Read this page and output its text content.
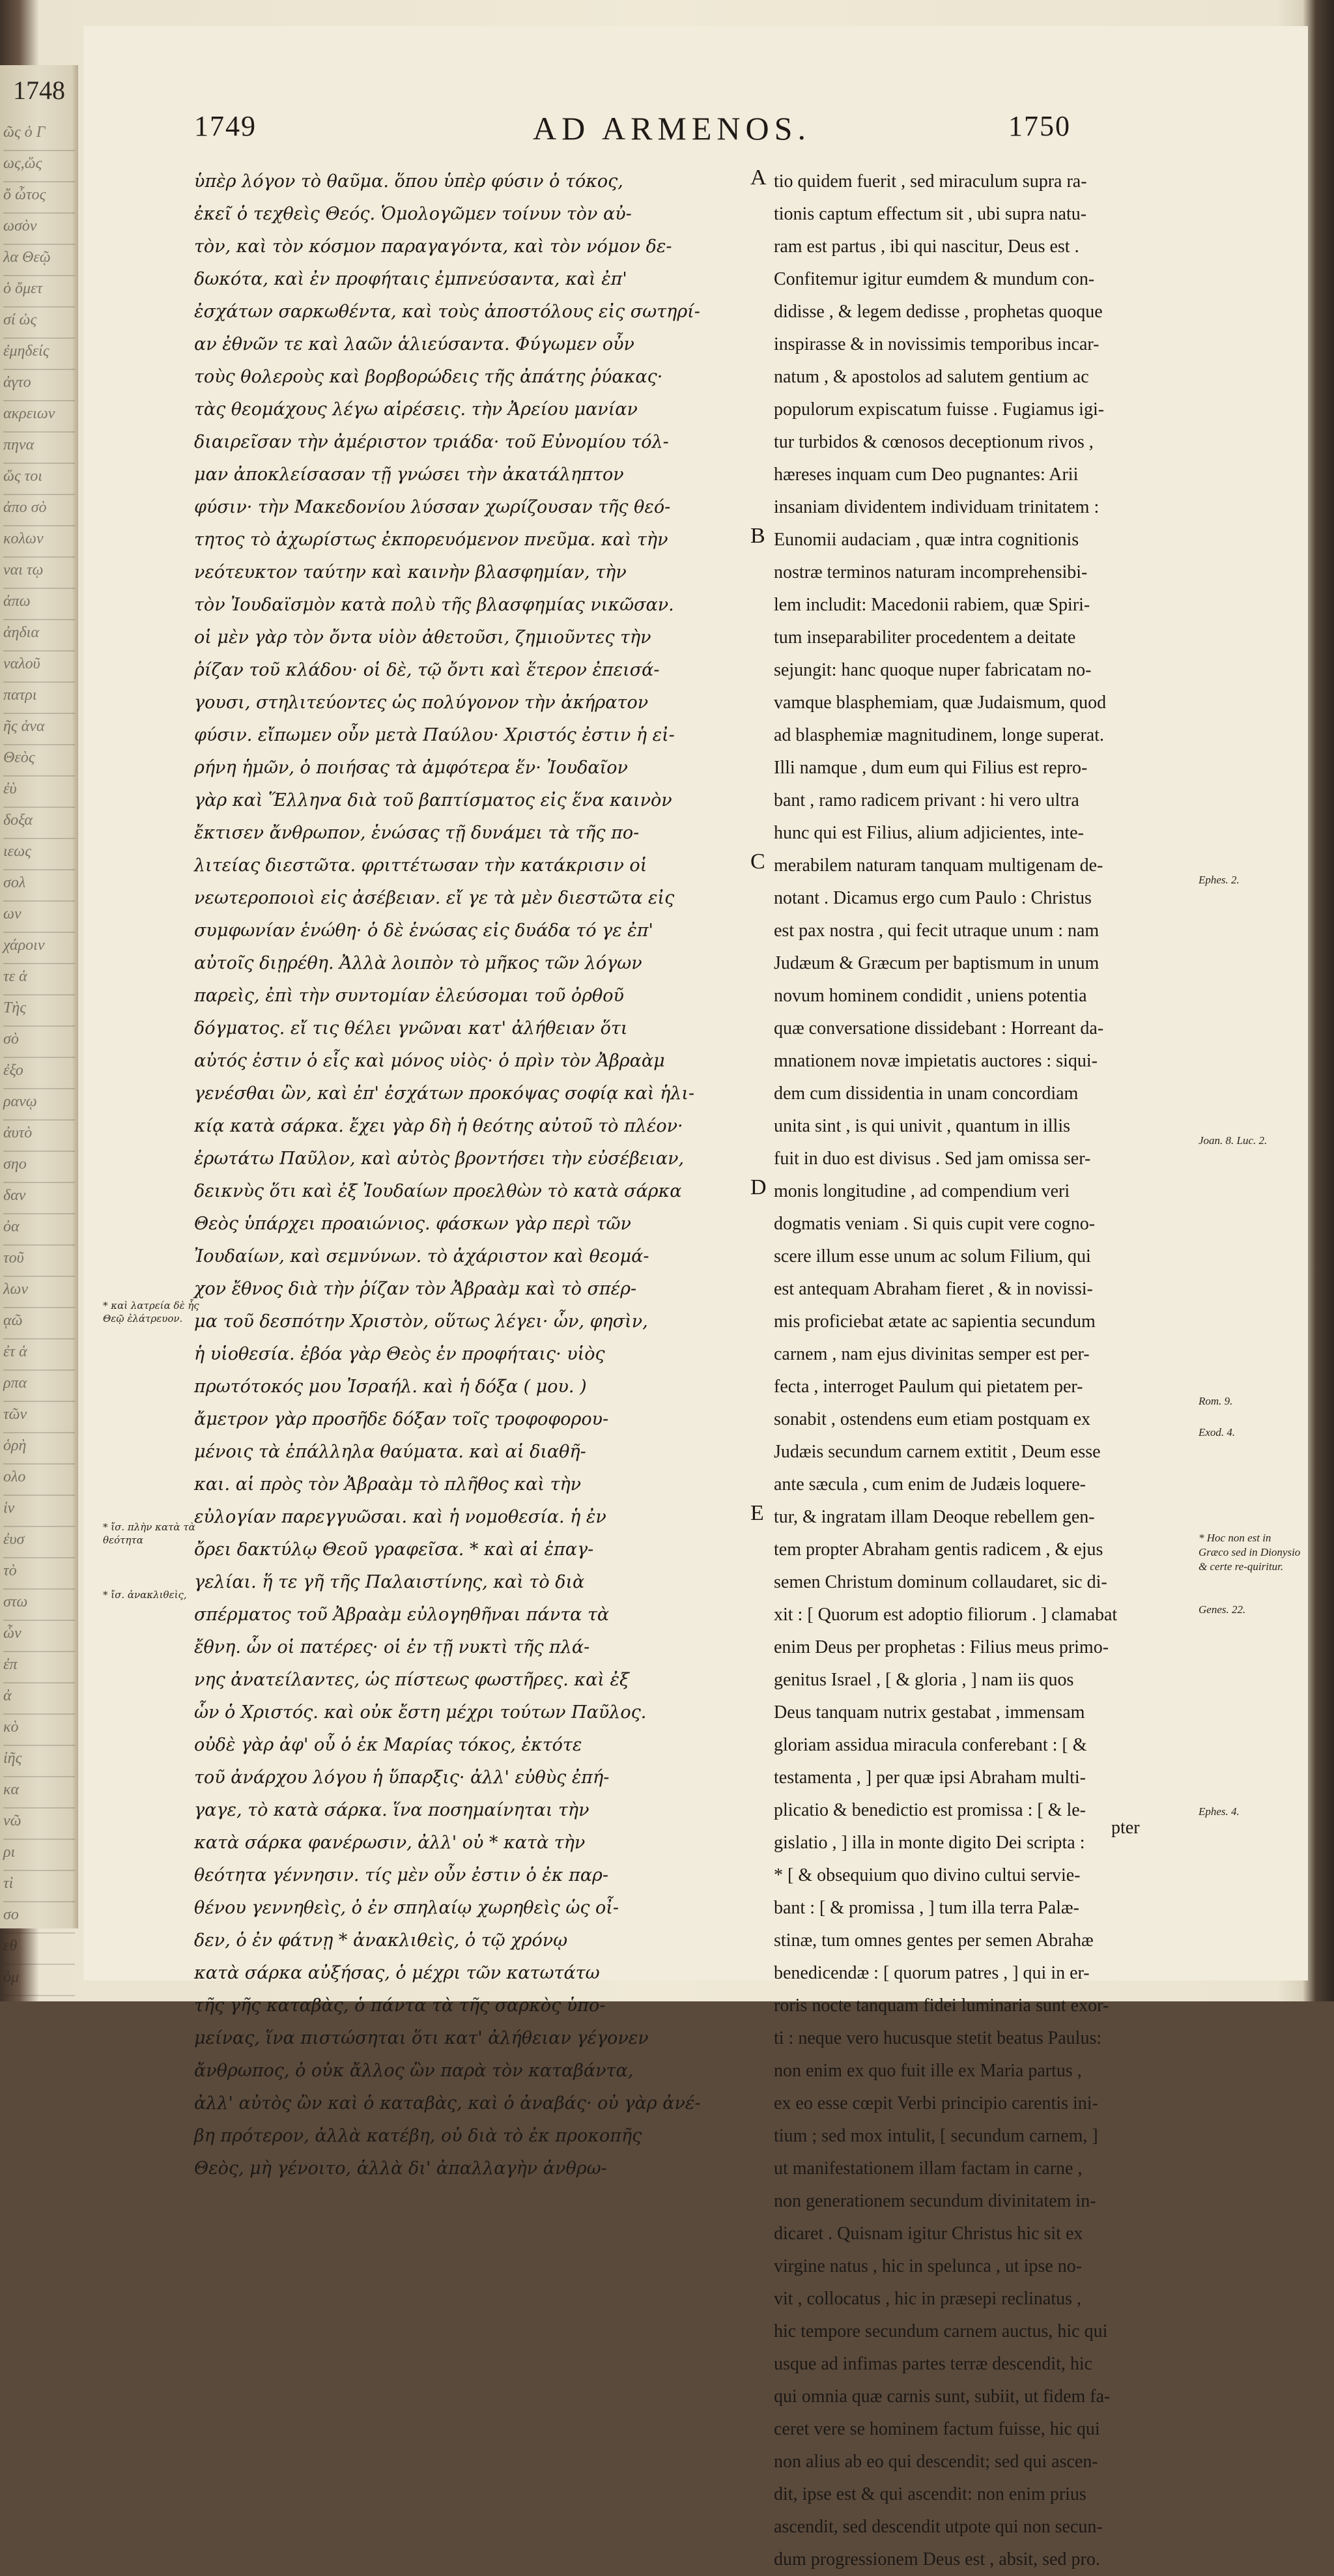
1748
ῶς ὁ Γ
ως,ὥς
ὄ ὦτος
ωσὸν
λα Θεῷ
ὁ ὄμετ
σί ὡς
ἐμηδείς
ἀγτο
ακρειων
πηνα
ὥς τοι
ἀπο σὸ
κολων
ναι τῳ
ἀπω
ἀηδια
ναλοῦ
πατρι
ῆς ἁνα
Θεὸς
ἐὺ
δοξα
ιεως
σολ
ων
χάροιν
τε ἁ
Τὴς
σὸ
ἐξο
ρανῳ
ἀυτὸ
σηο
δαν
ὀα
τοῦ
λων
ᾳῶ
ἐτ ἁ
ρπα
τῶν
ὁρὴ
ολο
ἱν
ἐυσ
τὸ
στω
ὧν
ἐπ
ἀ
κὸ
ἱῆς
κα
νῶ
ρι
τὶ
σο
εθ
ὁμ
1749	AD ARMENOS.	1750

ὑπὲρ λόγον τὸ θαῦμα. ὅπου ὑπὲρ φύσιν ὁ τόκος,

ἐκεῖ ὁ τεχθεὶς Θεός. Ὁμολογῶμεν τοίνυν τὸν αὐ-

τὸν, καὶ τὸν κόσμον παραγαγόντα, καὶ τὸν νόμον δε-

δωκότα, καὶ ἐν προφήταις ἐμπνεύσαντα, καὶ ἐπ'

ἐσχάτων σαρκωθέντα, καὶ τοὺς ἀποστόλους εἰς σωτηρί-

αν ἐθνῶν τε καὶ λαῶν ἁλιεύσαντα. Φύγωμεν οὖν

τοὺς θολεροὺς καὶ βορβορώδεις τῆς ἀπάτης ῥύακας·

τὰς θεομάχους λέγω αἱρέσεις. τὴν Ἀρείου μανίαν

διαιρεῖσαν τὴν ἀμέριστον τριάδα· τοῦ Εὐνομίου τόλ-

μαν ἀποκλείσασαν τῇ γνώσει τὴν ἀκατάληπτον

φύσιν· τὴν Μακεδονίου λύσσαν χωρίζουσαν τῆς θεό-

τητος τὸ ἀχωρίστως ἐκπορευόμενον πνεῦμα. καὶ τὴν

νεότευκτον ταύτην καὶ καινὴν βλασφημίαν, τὴν

τὸν Ἰουδαϊσμὸν κατὰ πολὺ τῆς βλασφημίας νικῶσαν.

οἱ μὲν γὰρ τὸν ὄντα υἱὸν ἀθετοῦσι, ζημιοῦντες τὴν

ῥίζαν τοῦ κλάδου· οἱ δὲ, τῷ ὄντι καὶ ἕτερον ἐπεισά-

γουσι, στηλιτεύοντες ὡς πολύγονον τὴν ἀκήρατον

φύσιν. εἴπωμεν οὖν μετὰ Παύλου· Χριστός ἐστιν ἡ εἰ-

ρήνη ἡμῶν, ὁ ποιήσας τὰ ἀμφότερα ἕν· Ἰουδαῖον

γὰρ καὶ Ἕλληνα διὰ τοῦ βαπτίσματος εἰς ἕνα καινὸν

ἔκτισεν ἄνθρωπον, ἑνώσας τῇ δυνάμει τὰ τῆς πο-

λιτείας διεστῶτα. φριττέτωσαν τὴν κατάκρισιν οἱ

νεωτεροποιοὶ εἰς ἀσέβειαν. εἴ γε τὰ μὲν διεστῶτα εἰς

συμφωνίαν ἑνώθη· ὁ δὲ ἑνώσας εἰς δυάδα τό γε ἐπ'

αὐτοῖς διῃρέθη. Ἀλλὰ λοιπὸν τὸ μῆκος τῶν λόγων

παρεὶς, ἐπὶ τὴν συντομίαν ἐλεύσομαι τοῦ ὀρθοῦ

δόγματος. εἴ τις θέλει γνῶναι κατ' ἀλήθειαν ὅτι

αὐτός ἐστιν ὁ εἷς καὶ μόνος υἱὸς· ὁ πρὶν τὸν Ἀβραὰμ

γενέσθαι ὢν, καὶ ἐπ' ἐσχάτων προκόψας σοφίᾳ καὶ ἡλι-

κίᾳ κατὰ σάρκα. ἔχει γὰρ δὴ ἡ θεότης αὐτοῦ τὸ πλέον·

ἐρωτάτω Παῦλον, καὶ αὐτὸς βροντήσει τὴν εὐσέβειαν,

δεικνὺς ὅτι καὶ ἐξ Ἰουδαίων προελθὼν τὸ κατὰ σάρκα

Θεὸς ὑπάρχει προαιώνιος. φάσκων γὰρ περὶ τῶν

Ἰουδαίων, καὶ σεμνύνων. τὸ ἀχάριστον καὶ θεομά-

χον ἔθνος διὰ τὴν ῥίζαν τὸν Ἀβραὰμ καὶ τὸ σπέρ-

μα τοῦ δεσπότην Χριστὸν, οὕτως λέγει· ὧν, φησὶν,

ἡ υἱοθεσία. ἐβόα γὰρ Θεὸς ἐν προφήταις· υἱὸς

πρωτότοκός μου Ἰσραήλ. καὶ ἡ δόξα ( μου. )

ἄμετρον γὰρ προσῆδε δόξαν τοῖς τροφοφορου-

μένοις τὰ ἐπάλληλα θαύματα. καὶ αἱ διαθῆ-

και. αἱ πρὸς τὸν Ἀβραὰμ τὸ πλῆθος καὶ τὴν

εὐλογίαν παρεγγυῶσαι. καὶ ἡ νομοθεσία. ἡ ἐν

ὄρει δακτύλῳ Θεοῦ γραφεῖσα. * καὶ αἱ ἐπαγ-

γελίαι. ἥ τε γῆ τῆς Παλαιστίνης, καὶ τὸ διὰ

σπέρματος τοῦ Ἀβραὰμ εὐλογηθῆναι πάντα τὰ

ἔθνη. ὧν οἱ πατέρες· οἱ ἐν τῇ νυκτὶ τῆς πλά-

νης ἀνατείλαντες, ὡς πίστεως φωστῆρες. καὶ ἐξ

ὧν ὁ Χριστός. καὶ οὐκ ἔστη μέχρι τούτων Παῦλος.

οὐδὲ γὰρ ἀφ' οὗ ὁ ἐκ Μαρίας τόκος, ἐκτότε

τοῦ ἀνάρχου λόγου ἡ ὕπαρξις· ἀλλ' εὐθὺς ἐπή-

γαγε, τὸ κατὰ σάρκα. ἵνα ποσημαίνηται τὴν

κατὰ σάρκα φανέρωσιν, ἀλλ' οὐ * κατὰ τὴν

θεότητα γέννησιν. τίς μὲν οὖν ἐστιν ὁ ἐκ παρ-

θένου γεννηθεὶς, ὁ ἐν σπηλαίῳ χωρηθεὶς ὡς οἶ-

δεν, ὁ ἐν φάτνῃ * ἀνακλιθεὶς, ὁ τῷ χρόνῳ

κατὰ σάρκα αὐξήσας, ὁ μέχρι τῶν κατωτάτω

τῆς γῆς καταβὰς, ὁ πάντα τὰ τῆς σαρκὸς ὑπο-

μείνας, ἵνα πιστώσηται ὅτι κατ' ἀλήθειαν γέγονεν

ἄνθρωπος, ὁ οὐκ ἄλλος ὢν παρὰ τὸν καταβάντα,

ἀλλ' αὐτὸς ὢν καὶ ὁ καταβὰς, καὶ ὁ ἀναβάς· οὐ γὰρ ἀνέ-

βη πρότερον, ἀλλὰ κατέβη, οὐ διὰ τὸ ἐκ προκοπῆς

Θεὸς, μὴ γένοιτο, ἀλλὰ δι' ἀπαλλαγὴν ἀνθρω-

tio quidem fuerit , sed miraculum supra ra-

tionis captum effectum sit , ubi supra natu-

ram est partus , ibi qui nascitur, Deus est .

Confitemur igitur eumdem & mundum con-

didisse , & legem dedisse , prophetas quoque

inspirasse & in novissimis temporibus incar-

natum , & apostolos ad salutem gentium ac

populorum expiscatum fuisse . Fugiamus igi-

tur turbidos & cœnosos deceptionum rivos ,

hæreses inquam cum Deo pugnantes: Arii

insaniam dividentem individuam trinitatem :

Eunomii audaciam , quæ intra cognitionis

nostræ terminos naturam incomprehensibi-

lem includit: Macedonii rabiem, quæ Spiri-

tum inseparabiliter procedentem a deitate

sejungit: hanc quoque nuper fabricatam no-

vamque blasphemiam, quæ Judaismum, quod

ad blasphemiæ magnitudinem, longe superat.

Illi namque , dum eum qui Filius est repro-

bant , ramo radicem privant : hi vero ultra

hunc qui est Filius, alium adjicientes, inte-

merabilem naturam tanquam multigenam de-

notant . Dicamus ergo cum Paulo : Christus

est pax nostra , qui fecit utraque unum : nam

Judæum & Græcum per baptismum in unum

novum hominem condidit , uniens potentia

quæ conversatione dissidebant : Horreant da-

mnationem novæ impietatis auctores : siqui-

dem cum dissidentia in unam concordiam

unita sint , is qui univit , quantum in illis

fuit in duo est divisus . Sed jam omissa ser-

monis longitudine , ad compendium veri

dogmatis veniam . Si quis cupit vere cogno-

scere illum esse unum ac solum Filium, qui

est antequam Abraham fieret , & in novissi-

mis proficiebat ætate ac sapientia secundum

carnem , nam ejus divinitas semper est per-

fecta , interroget Paulum qui pietatem per-

sonabit , ostendens eum etiam postquam ex

Judæis secundum carnem extitit , Deum esse

ante sæcula , cum enim de Judæis loquere-

tur, & ingratam illam Deoque rebellem gen-

tem propter Abraham gentis radicem , & ejus

semen Christum dominum collaudaret, sic di-

xit : [ Quorum est adoptio filiorum . ] clamabat

enim Deus per prophetas : Filius meus primo-

genitus Israel , [ & gloria , ] nam iis quos

Deus tanquam nutrix gestabat , immensam

gloriam assidua miracula conferebant : [ &

testamenta , ] per quæ ipsi Abraham multi-

plicatio & benedictio est promissa : [ & le-

gislatio , ] illa in monte digito Dei scripta :

* [ & obsequium quo divino cultui servie-

bant : [ & promissa , ] tum illa terra Palæ-

stinæ, tum omnes gentes per semen Abrahæ

benedicendæ : [ quorum patres , ] qui in er-

roris nocte tanquam fidei luminaria sunt exor-

ti : neque vero hucusque stetit beatus Paulus:

non enim ex quo fuit ille ex Maria partus ,

ex eo esse cœpit Verbi principio carentis ini-

tium ; sed mox intulit, [ secundum carnem, ]

ut manifestationem illam factam in carne ,

non generationem secundum divinitatem in-

dicaret . Quisnam igitur Christus hic sit ex

virgine natus , hic in spelunca , ut ipse no-

vit , collocatus , hic in præsepi reclinatus ,

hic tempore secundum carnem auctus, hic qui

usque ad infimas partes terræ descendit, hic

qui omnia quæ carnis sunt, subiit, ut fidem fa-

ceret vere se hominem factum fuisse, hic qui

non alius ab eo qui descendit; sed qui ascen-

dit, ipse est & qui ascendit: non enim prius

ascendit, sed descendit utpote qui non secun-

dum progressionem Deus est , absit, sed pro.

A
B
C
D
E
* καὶ λατρεία δὲ ἧς Θεῷ ἐλάτρευον.
* ἴσ. πλὴν κατὰ τὰ θεότητα
* ἴσ. ἀνακλιθεὶς,
Ephes. 2.
Joan. 8. Luc. 2.
Rom. 9.
Exod. 4.
* Hoc non est in Græco sed in Dionysio & certe re-quiritur.
Genes. 22.
Ephes. 4.
pter
